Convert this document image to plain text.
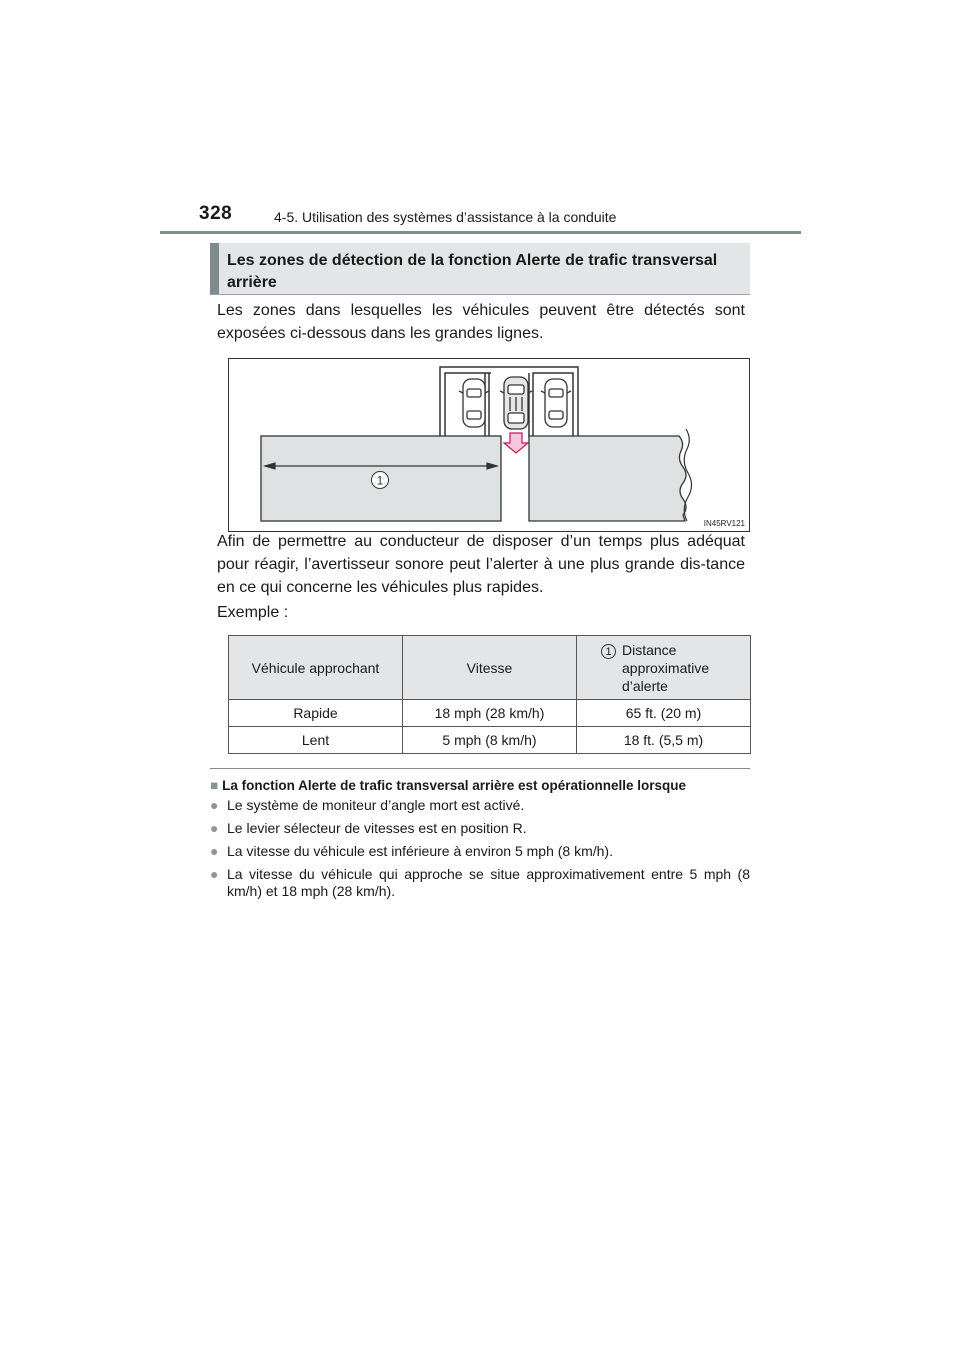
328	4-5. Utilisation des systèmes d’assistance à la conduite
Les zones de détection de la fonction Alerte de trafic transversal arrière

Les zones dans lesquelles les véhicules peuvent être détectés sont exposées ci-dessous dans les grandes lignes.

1
IN45RV121

Afin de permettre au conducteur de disposer d’un temps plus adéquat pour réagir, l’avertisseur sonore peut l’alerter à une plus grande dis-tance en ce qui concerne les véhicules plus rapides.

Exemple :
Véhicule approchant	Vitesse	1 Distance approximative d’alerte

Rapide	18 mph (28 km/h)	65 ft. (20 m)
Lent	5 mph (8 km/h)	18 ft. (5,5 m)
■ La fonction Alerte de trafic transversal arrière est opérationnelle lorsque
● Le système de moniteur d’angle mort est activé.
● Le levier sélecteur de vitesses est en position R.
● La vitesse du véhicule est inférieure à environ 5 mph (8 km/h).
● La vitesse du véhicule qui approche se situe approximativement entre 5 mph (8 km/h) et 18 mph (28 km/h).
